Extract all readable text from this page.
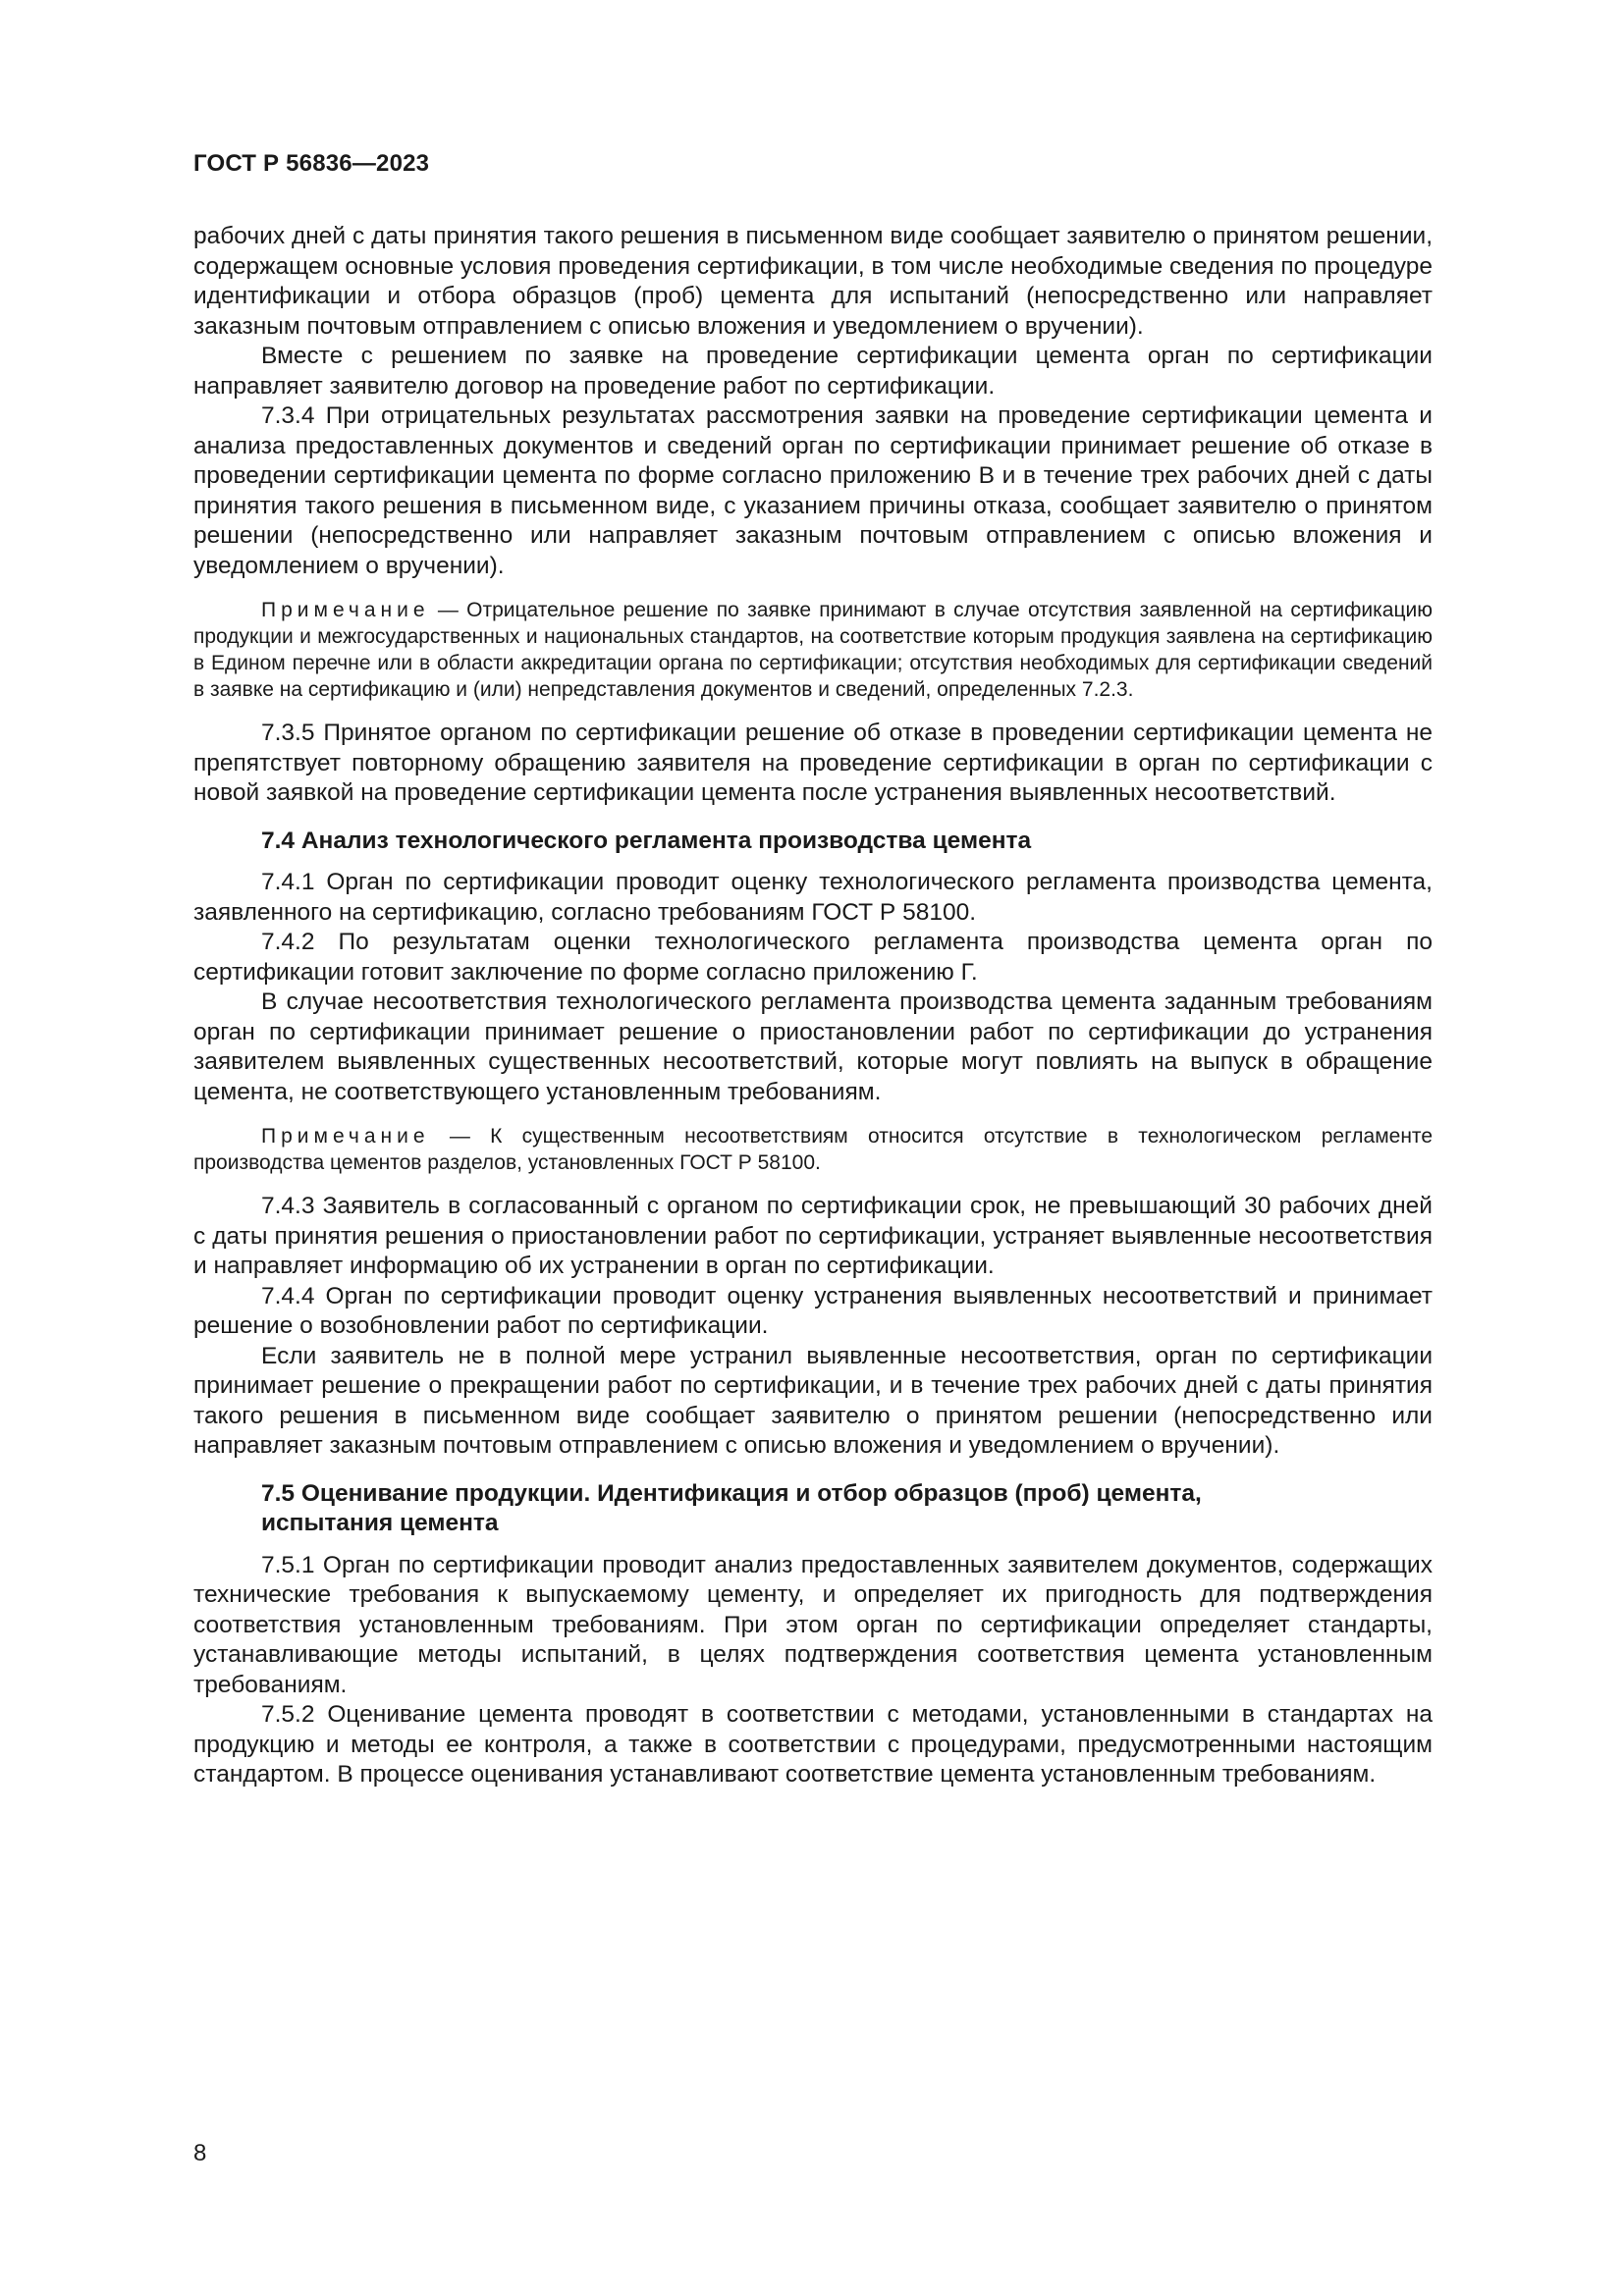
ГОСТ Р 56836—2023

рабочих дней с даты принятия такого решения в письменном виде сообщает заявителю о принятом решении, содержащем основные условия проведения сертификации, в том числе необходимые сведения по процедуре идентификации и отбора образцов (проб) цемента для испытаний (непосредственно или направляет заказным почтовым отправлением с описью вложения и уведомлением о вручении).

Вместе с решением по заявке на проведение сертификации цемента орган по сертификации направляет заявителю договор на проведение работ по сертификации.

7.3.4 При отрицательных результатах рассмотрения заявки на проведение сертификации цемента и анализа предоставленных документов и сведений орган по сертификации принимает решение об отказе в проведении сертификации цемента по форме согласно приложению В и в течение трех рабочих дней с даты принятия такого решения в письменном виде, с указанием причины отказа, сообщает заявителю о принятом решении (непосредственно или направляет заказным почтовым отправлением с описью вложения и уведомлением о вручении).

Примечание — Отрицательное решение по заявке принимают в случае отсутствия заявленной на сертификацию продукции и межгосударственных и национальных стандартов, на соответствие которым продукция заявлена на сертификацию в Едином перечне или в области аккредитации органа по сертификации; отсутствия необходимых для сертификации сведений в заявке на сертификацию и (или) непредставления документов и сведений, определенных 7.2.3.

7.3.5 Принятое органом по сертификации решение об отказе в проведении сертификации цемента не препятствует повторному обращению заявителя на проведение сертификации в орган по сертификации с новой заявкой на проведение сертификации цемента после устранения выявленных несоответствий.

7.4 Анализ технологического регламента производства цемента

7.4.1 Орган по сертификации проводит оценку технологического регламента производства цемента, заявленного на сертификацию, согласно требованиям ГОСТ Р 58100.

7.4.2 По результатам оценки технологического регламента производства цемента орган по сертификации готовит заключение по форме согласно приложению Г.

В случае несоответствия технологического регламента производства цемента заданным требованиям орган по сертификации принимает решение о приостановлении работ по сертификации до устранения заявителем выявленных существенных несоответствий, которые могут повлиять на выпуск в обращение цемента, не соответствующего установленным требованиям.

Примечание — К существенным несоответствиям относится отсутствие в технологическом регламенте производства цементов разделов, установленных ГОСТ Р 58100.

7.4.3 Заявитель в согласованный с органом по сертификации срок, не превышающий 30 рабочих дней с даты принятия решения о приостановлении работ по сертификации, устраняет выявленные несоответствия и направляет информацию об их устранении в орган по сертификации.

7.4.4 Орган по сертификации проводит оценку устранения выявленных несоответствий и принимает решение о возобновлении работ по сертификации.

Если заявитель не в полной мере устранил выявленные несоответствия, орган по сертификации принимает решение о прекращении работ по сертификации, и в течение трех рабочих дней с даты принятия такого решения в письменном виде сообщает заявителю о принятом решении (непосредственно или направляет заказным почтовым отправлением с описью вложения и уведомлением о вручении).

7.5 Оценивание продукции. Идентификация и отбор образцов (проб) цемента,
испытания цемента

7.5.1 Орган по сертификации проводит анализ предоставленных заявителем документов, содержащих технические требования к выпускаемому цементу, и определяет их пригодность для подтверждения соответствия установленным требованиям. При этом орган по сертификации определяет стандарты, устанавливающие методы испытаний, в целях подтверждения соответствия цемента установленным требованиям.

7.5.2 Оценивание цемента проводят в соответствии с методами, установленными в стандартах на продукцию и методы ее контроля, а также в соответствии с процедурами, предусмотренными настоящим стандартом. В процессе оценивания устанавливают соответствие цемента установленным требованиям.

8
